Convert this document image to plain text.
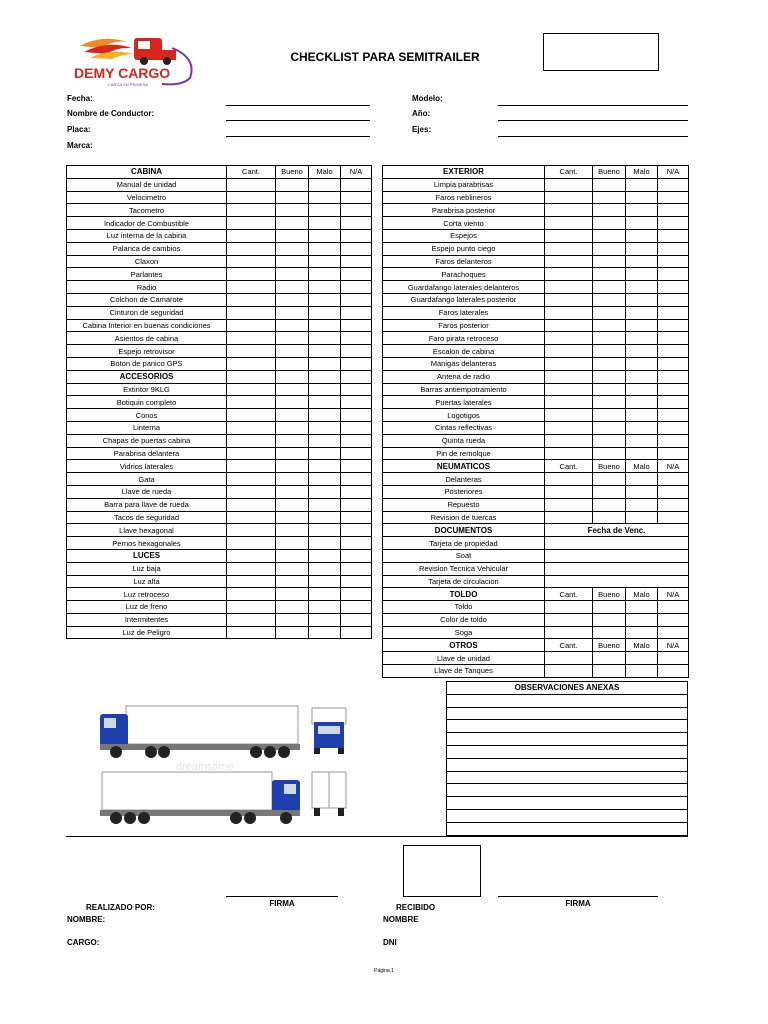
DEMY CARGO
CARGA EN PRIMERA
CHECKLIST PARA SEMITRAILER
Fecha:
Nombre de Conductor:
Placa:
Marca:
Modelo:
Año:
Ejes:
CABINA	Cant.	Bueno	Malo	N/A
Manual de unidad				
Velocimetro				
Tacometro				
Indicador de Combustible				
Luz interna de la cabina				
Palanca de cambios				
Claxon				
Parlantes				
Radio				
Colchon de Camarote				
Cinturon de seguridad				
Cabina Interior en buenas condiciones				
Asientos de cabina				
Espejo retrovisor				
Boton de panico GPS				
ACCESORIOS				
Extintor 9KLG				
Botiquin completo				
Conos				
Linterna				
Chapas de puertas cabina				
Parabrisa delantera				
Vidrios laterales				
Gata				
Llave de rueda				
Barra para llave de rueda				
Tacos de seguridad				
Llave hexagonal				
Pernos hexagonales				
LUCES				
Luz baja				
Luz alta				
Luz retroceso				
Luz de freno				
Intermitentes				
Luz de Peligro				
EXTERIOR	Cant.	Bueno	Malo	N/A
Limpia parabrisas				
Faros neblineros				
Parabrisa posterior				
Corta viento				
Espejos				
Espejo punto ciego				
Faros delanteros				
Parachoques				
Guardafango laterales delanteros				
Guardafango laterales posterior				
Faros laterales				
Faros posterior				
Faro pirata retroceso				
Escalon de cabina				
Manigas delanteras				
Antena de radio				
Barras antiempotramiento				
Puertas laterales				
Logotigos				
Cintas reflectivas				
Quinta rueda				
Pin de remolque				
NEUMATICOS	Cant.	Bueno	Malo	N/A
Delanteras				
Posteriores				
Repuesto				
Revision de tuercas				
DOCUMENTOS	Fecha de Venc.			
Tarjeta de propiedad				
Soat				
Revision Tecnica Vehicular				
Tarjeta de circulacion				
TOLDO	Cant.	Bueno	Malo	N/A
Toldo				
Color de toldo				
Soga				
OTROS	Cant.	Bueno	Malo	N/A
Llave de unidad				
Llave de Tanques				
OBSERVACIONES ANEXAS

dreamstime
FIRMA	FIRMA
REALIZADO POR:
NOMBRE:
CARGO:
RECIBIDO
NOMBRE
DNI
Página 1
